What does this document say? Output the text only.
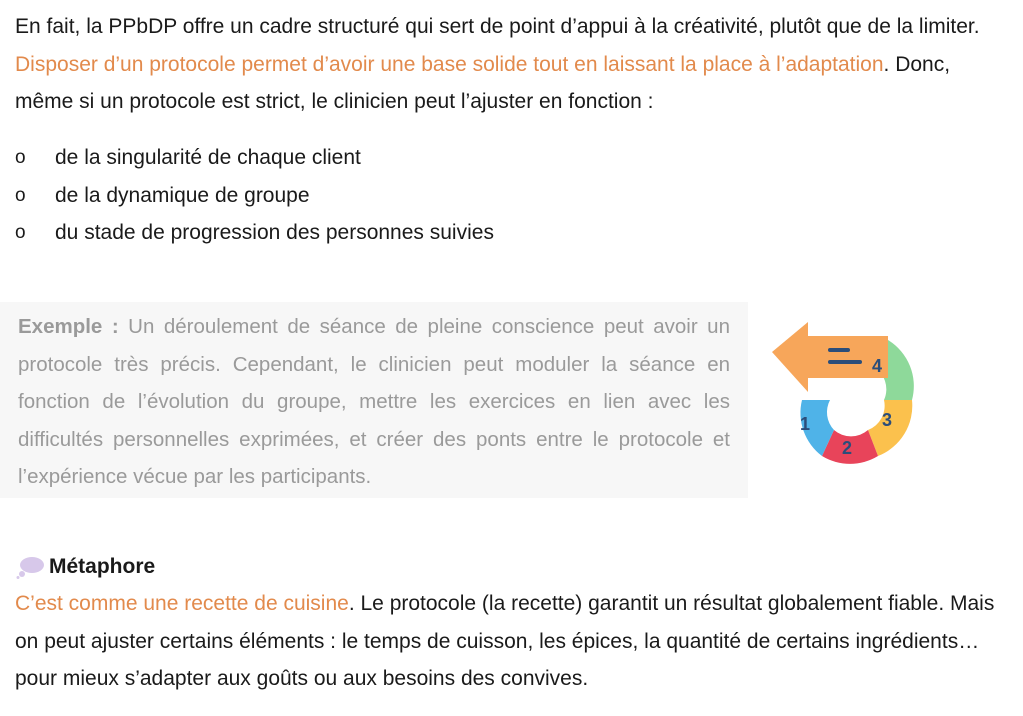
En fait, la PPbDP offre un cadre structuré qui sert de point d’appui à la créativité, plutôt que de la limiter. Disposer d’un protocole permet d’avoir une base solide tout en laissant la place à l’adaptation. Donc, même si un protocole est strict, le clinicien peut l’ajuster en fonction :

o	de la singularité de chaque client
o	de la dynamique de groupe
o	du stade de progression des personnes suivies

Exemple : Un déroulement de séance de pleine conscience peut avoir un protocole très précis. Cependant, le clinicien peut moduler la séance en fonction de l’évolution du groupe, mettre les exercices en lien avec les difficultés personnelles exprimées, et créer des ponts entre le protocole et l’expérience vécue par les participants.

4
3
2
1
Métaphore

C’est comme une recette de cuisine. Le protocole (la recette) garantit un résultat globalement fiable. Mais on peut ajuster certains éléments : le temps de cuisson, les épices, la quantité de certains ingrédients… pour mieux s’adapter aux goûts ou aux besoins des convives.
